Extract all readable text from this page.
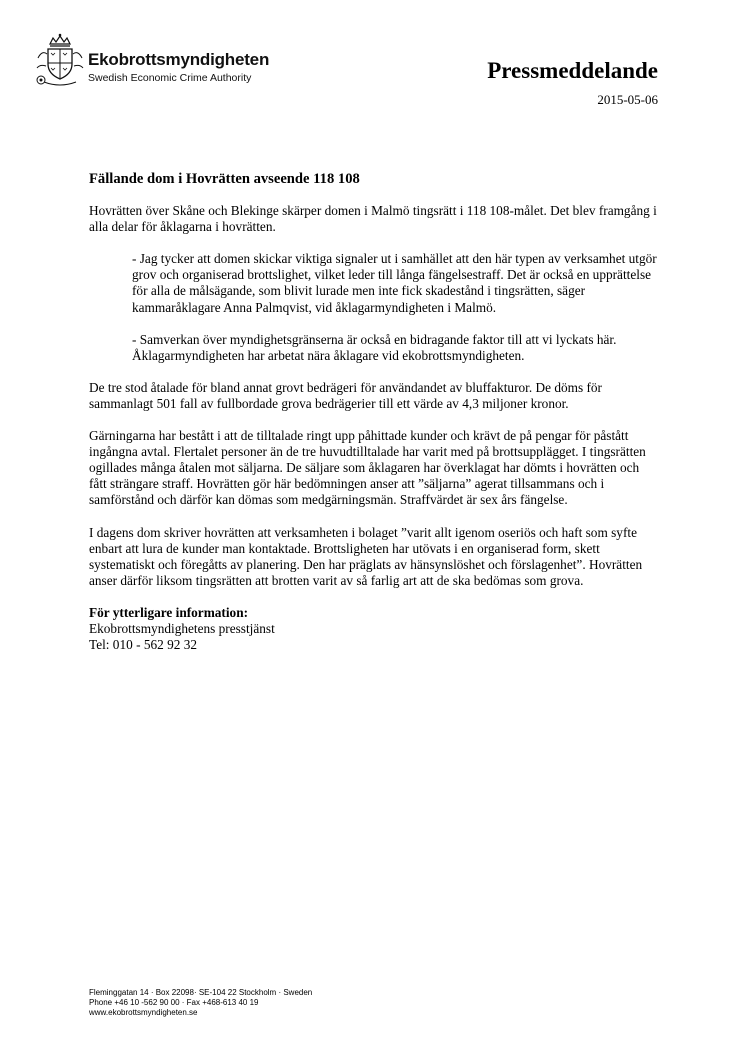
Ekobrottsmyndigheten
Swedish Economic Crime Authority	Pressmeddelande
2015-05-06

Fällande dom i Hovrätten avseende 118 108

Hovrätten över Skåne och Blekinge skärper domen i Malmö tingsrätt i 118 108-målet. Det blev framgång i alla delar för åklagarna i hovrätten.

- Jag tycker att domen skickar viktiga signaler ut i samhället att den här typen av verksamhet utgör grov och organiserad brottslighet, vilket leder till långa fängelsestraff. Det är också en upprättelse för alla de målsägande, som blivit lurade men inte fick skadestånd i tingsrätten, säger kammaråklagare Anna Palmqvist, vid åklagarmyndigheten i Malmö.

- Samverkan över myndighetsgränserna är också en bidragande faktor till att vi lyckats här. Åklagarmyndigheten har arbetat nära åklagare vid ekobrottsmyndigheten.

De tre stod åtalade för bland annat grovt bedrägeri för användandet av bluffakturor. De döms för sammanlagt 501 fall av fullbordade grova bedrägerier till ett värde av 4,3 miljoner kronor.

Gärningarna har bestått i att de tilltalade ringt upp påhittade kunder och krävt de på pengar för påstått ingångna avtal. Flertalet personer än de tre huvudtilltalade har varit med på brottsupplägget. I tingsrätten ogillades många åtalen mot säljarna. De säljare som åklagaren har överklagat har dömts i hovrätten och fått strängare straff. Hovrätten gör här bedömningen anser att ”säljarna” agerat tillsammans och i samförstånd och därför kan dömas som medgärningsmän. Straffvärdet är sex års fängelse.

I dagens dom skriver hovrätten att verksamheten i bolaget ”varit allt igenom oseriös och haft som syfte enbart att lura de kunder man kontaktade. Brottsligheten har utövats i en organiserad form, skett systematiskt och föregåtts av planering. Den har präglats av hänsynslöshet och förslagenhet”. Hovrätten anser därför liksom tingsrätten att brotten varit av så farlig art att de ska bedömas som grova.

För ytterligare information:

Ekobrottsmyndighetens presstjänst

Tel: 010 - 562 92 32

Fleminggatan 14 · Box 22098· SE-104 22 Stockholm · Sweden
Phone +46 10 -562 90 00 · Fax +468-613 40 19
www.ekobrottsmyndigheten.se
